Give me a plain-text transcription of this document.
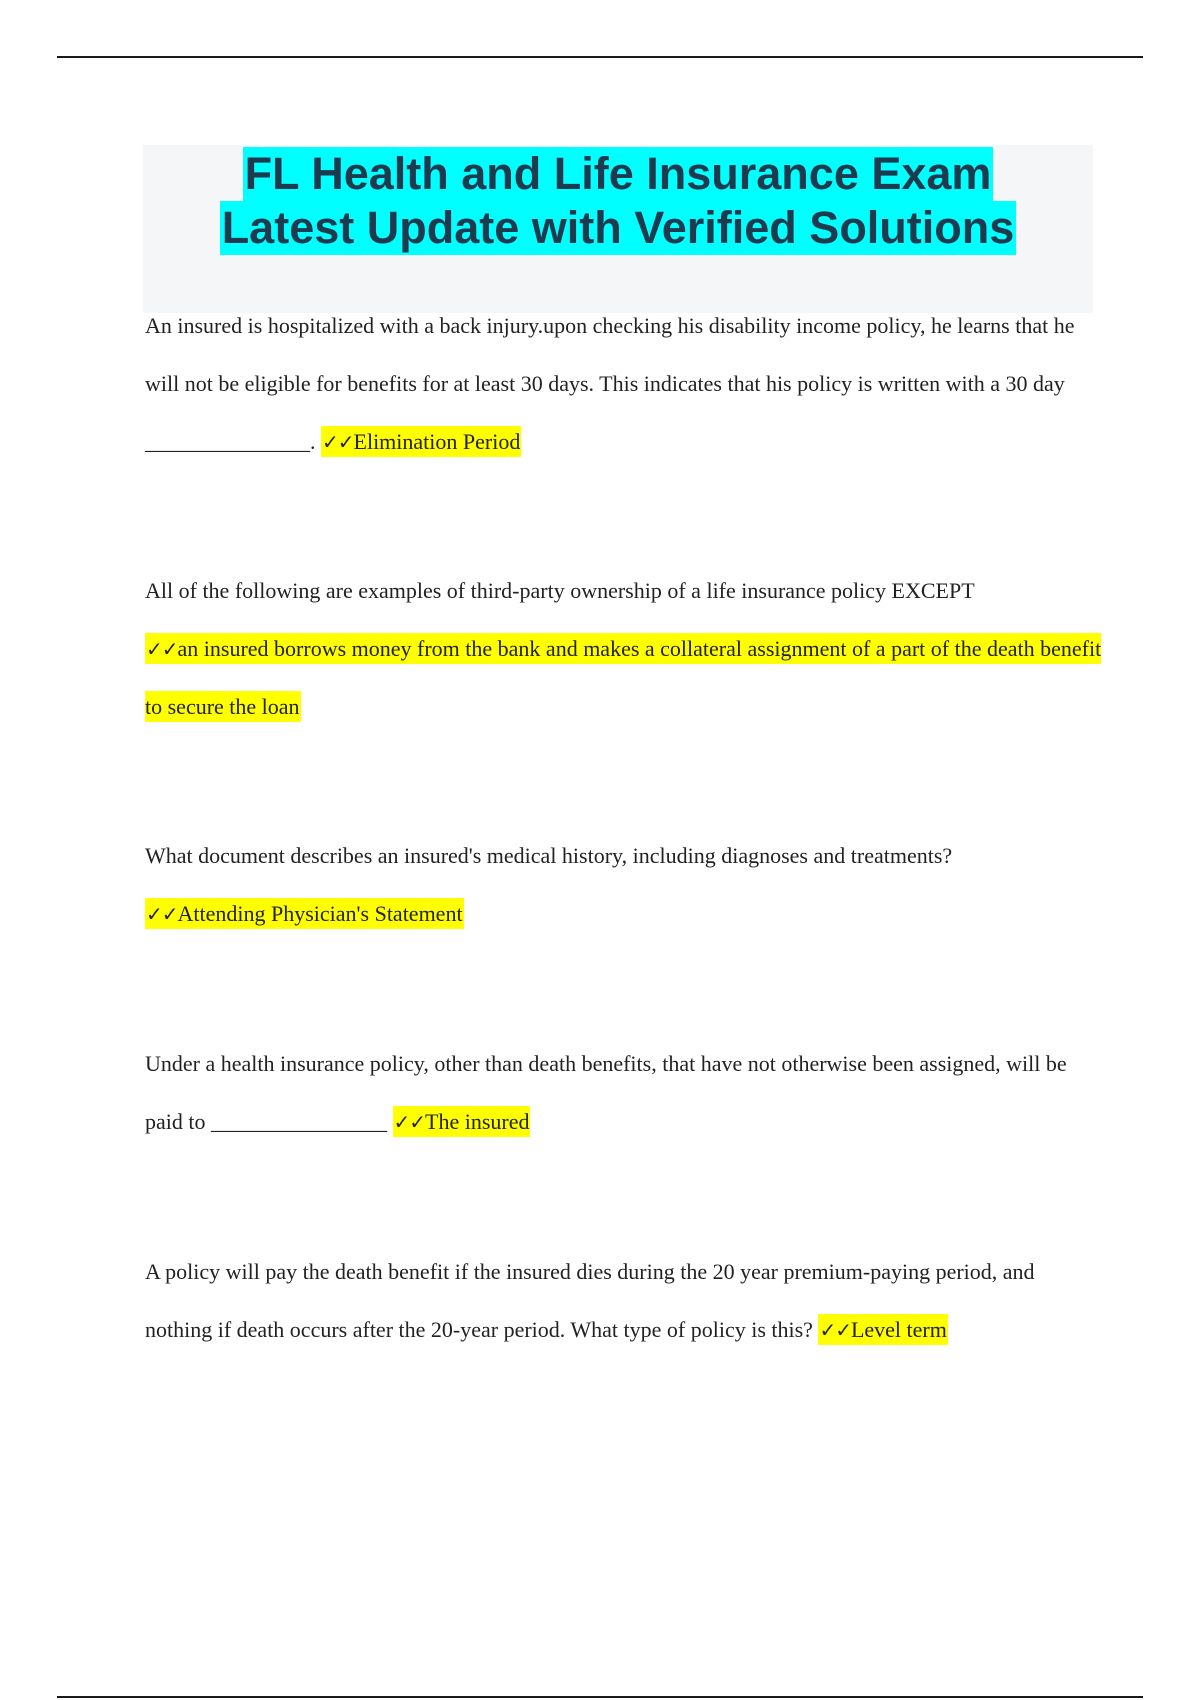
FL Health and Life Insurance Exam
Latest Update with Verified Solutions
An insured is hospitalized with a back injury.upon checking his disability income policy, he learns that he will not be eligible for benefits for at least 30 days. This indicates that his policy is written with a 30 day _______________. ✓✓Elimination Period
All of the following are examples of third-party ownership of a life insurance policy EXCEPT
✓✓an insured borrows money from the bank and makes a collateral assignment of a part of the death benefit to secure the loan
What document describes an insured's medical history, including diagnoses and treatments?
✓✓Attending Physician's Statement
Under a health insurance policy, other than death benefits, that have not otherwise been assigned, will be paid to ________________ ✓✓The insured
A policy will pay the death benefit if the insured dies during the 20 year premium-paying period, and nothing if death occurs after the 20-year period. What type of policy is this? ✓✓Level term
